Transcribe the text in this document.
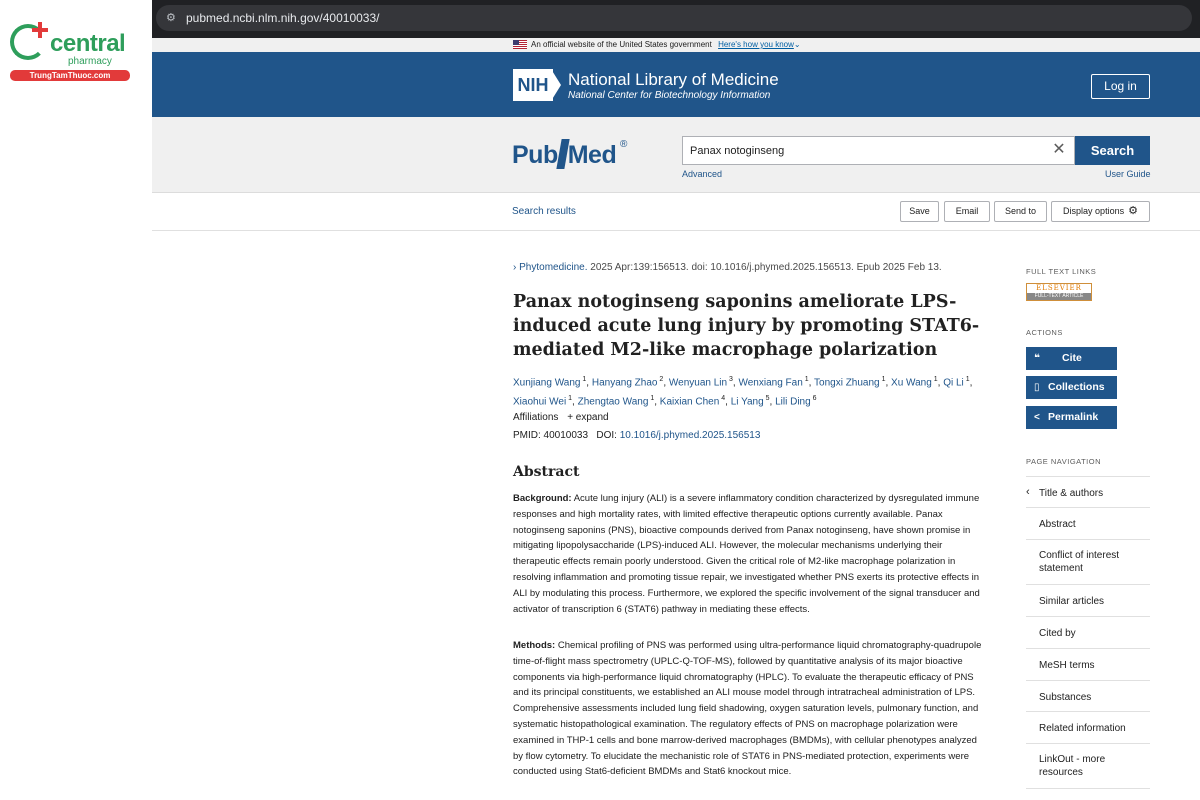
central
pharmacy
TrungTamThuoc.com
⚙ pubmed.ncbi.nlm.nih.gov/40010033/
An official website of the United States government Here's how you know⌄
NIH National Library of Medicine
National Center for Biotechnology Information
Log in
Pub Med ®
Panax notoginseng	✕	Search
Advanced	User Guide
Search results	Save	Email	Send to	Display options ⚙
› Phytomedicine. 2025 Apr:139:156513. doi: 10.1016/j.phymed.2025.156513. Epub 2025 Feb 13.
Panax notoginseng saponins ameliorate LPS-induced acute lung injury by promoting STAT6-mediated M2-like macrophage polarization
Xunjiang Wang $^1$, Hanyang Zhao $^2$, Wenyuan Lin $^3$, Wenxiang Fan $^1$, Tongxi Zhuang $^1$, Xu Wang $^1$, Qi Li $^1$, Xiaohui Wei $^1$, Zhengtao Wang $^1$, Kaixian Chen $^4$, Li Yang $^5$, Lili Ding $^6$
Affiliations + expand
PMID: 40010033 DOI: 10.1016/j.phymed.2025.156513
Abstract

Background: Acute lung injury (ALI) is a severe inflammatory condition characterized by dysregulated immune responses and high mortality rates, with limited effective therapeutic options currently available. Panax notoginseng saponins (PNS), bioactive compounds derived from Panax notoginseng, have shown promise in mitigating lipopolysaccharide (LPS)-induced ALI. However, the molecular mechanisms underlying their therapeutic effects remain poorly understood. Given the critical role of M2-like macrophage polarization in resolving inflammation and promoting tissue repair, we investigated whether PNS exerts its protective effects in ALI by modulating this process. Furthermore, we explored the specific involvement of the signal transducer and activator of transcription 6 (STAT6) pathway in mediating these effects.

Methods: Chemical profiling of PNS was performed using ultra-performance liquid chromatography-quadrupole time-of-flight mass spectrometry (UPLC-Q-TOF-MS), followed by quantitative analysis of its major bioactive components via high-performance liquid chromatography (HPLC). To evaluate the therapeutic efficacy of PNS and its principal constituents, we established an ALI mouse model through intratracheal administration of LPS. Comprehensive assessments included lung field shadowing, oxygen saturation levels, pulmonary function, and systematic histopathological examination. The regulatory effects of PNS on macrophage polarization were examined in THP-1 cells and bone marrow-derived macrophages (BMDMs), with cellular phenotypes analyzed by flow cytometry. To elucidate the mechanistic role of STAT6 in PNS-mediated protection, experiments were conducted using Stat6-deficient BMDMs and Stat6 knockout mice.

FULL TEXT LINKS
ELSEVIER
FULL-TEXT ARTICLE
ACTIONS
❝ Cite
▯ Collections
< Permalink
PAGE NAVIGATION
‹ Title & authors
Abstract
Conflict of interest statement
Similar articles
Cited by
MeSH terms
Substances
Related information
LinkOut - more resources
